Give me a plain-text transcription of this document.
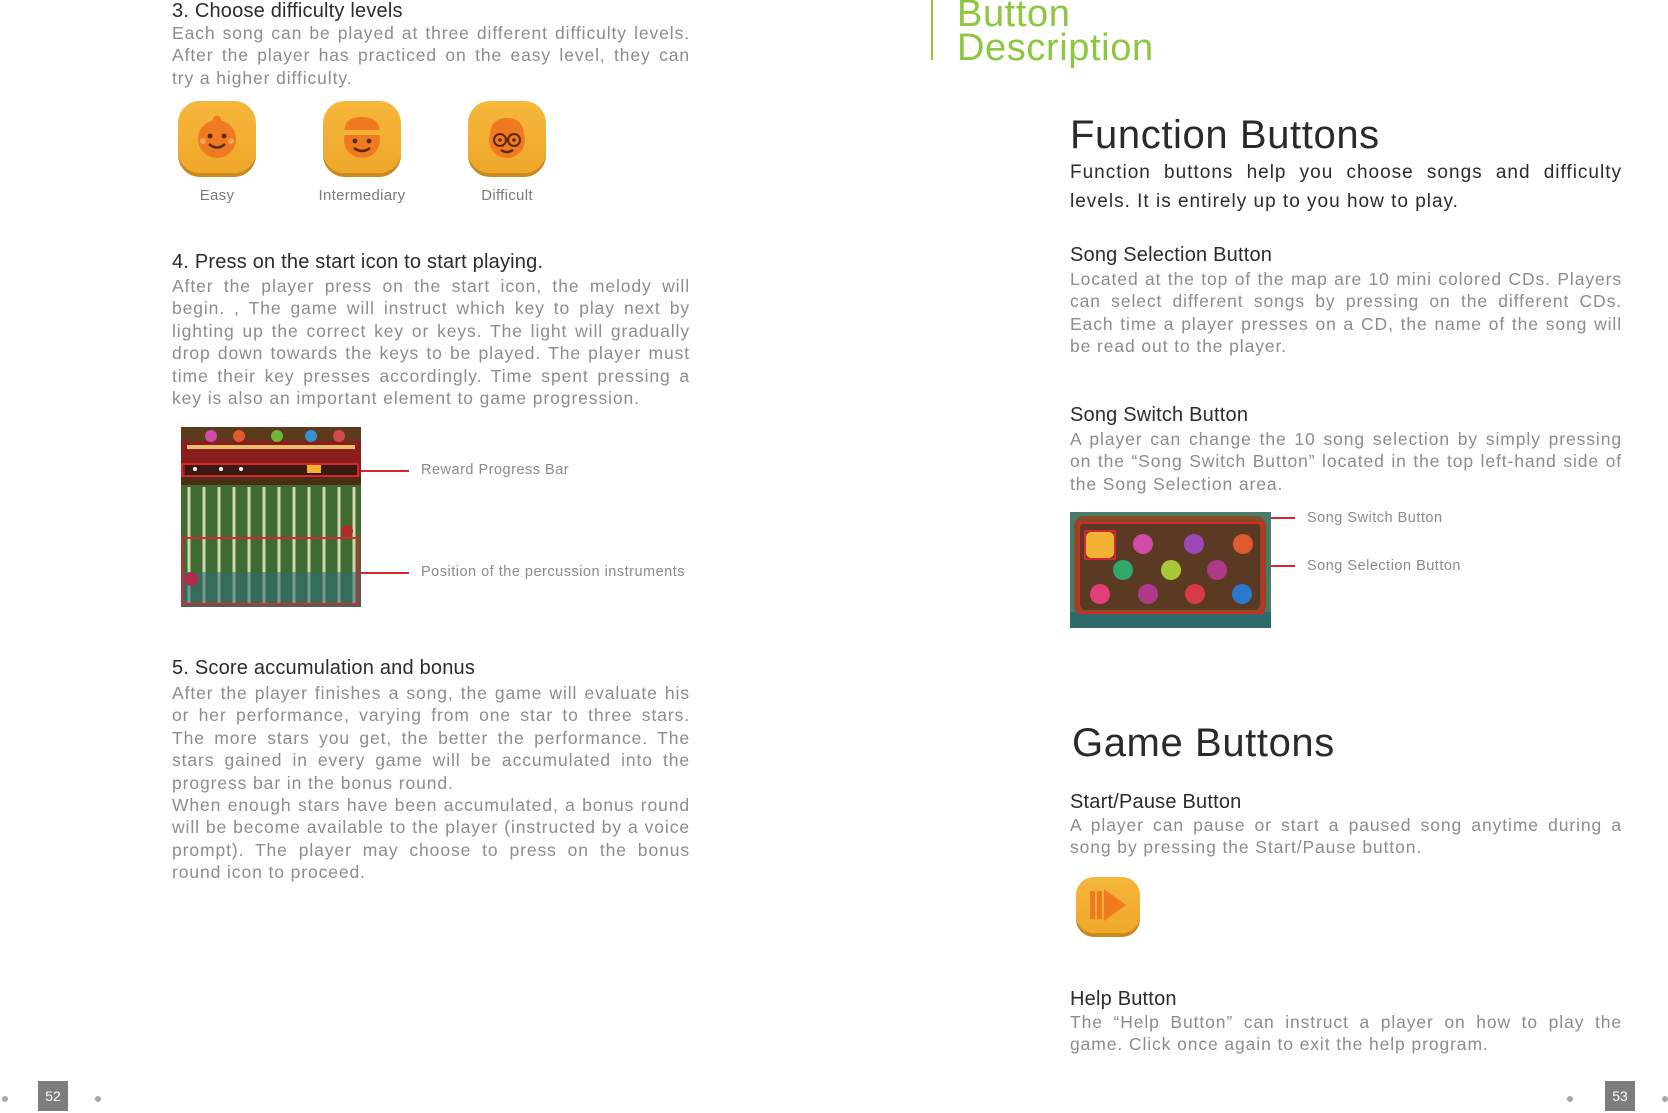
3. Choose difficulty levels
Each song can be played at three different difficulty levels. After the player has practiced on the easy level, they can try a higher difficulty.
Easy	Intermediary	Difficult
4. Press on the start icon to start playing.
After the player press on the start icon, the melody will begin. , The game will instruct which key to play next by lighting up the correct key or keys. The light will gradually drop down towards the keys to be played. The player must time their key presses accordingly. Time spent pressing a key is also an important element to game progression.
Reward Progress Bar
Position of the percussion instruments
5. Score accumulation and bonus

After the player finishes a song, the game will evaluate his or her performance, varying from one star to three stars. The more stars you get, the better the performance. The stars gained in every game will be accumulated into the progress bar in the bonus round.

When enough stars have been accumulated, a bonus round will be become available to the player (instructed by a voice prompt). The player may choose to press on the bonus round icon to proceed.

52
Button
Description
Function Buttons
Function buttons help you choose songs and difficulty levels. It is entirely up to you how to play.
Song Selection Button
Located at the top of the map are 10 mini colored CDs. Players can select different songs by pressing on the different CDs. Each time a player presses on a CD, the name of the song will be read out to the player.
Song Switch Button
A player can change the 10 song selection by simply pressing on the “Song Switch Button” located in the top left-hand side of the Song Selection area.
Song Switch Button
Song Selection Button
Game Buttons
Start/Pause Button
A player can pause or start a paused song anytime during a song by pressing the Start/Pause button.
Help Button
The “Help Button” can instruct a player on how to play the game. Click once again to exit the help program.
53
